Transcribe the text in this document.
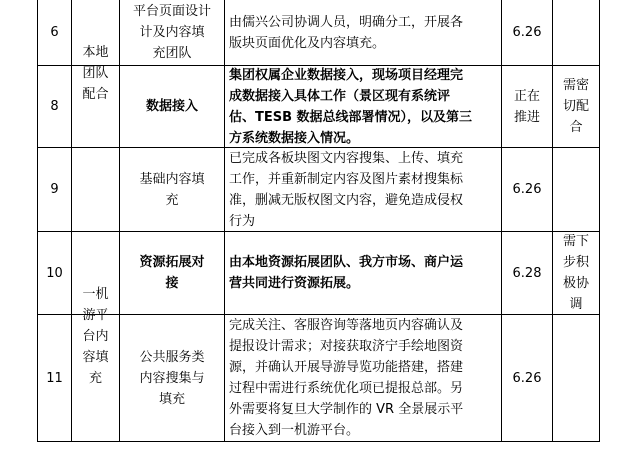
本地
团队
配合
一机
游平
台内
容填
充
6
平台页面设计
计及内容填
充团队
由儒兴公司协调人员，明确分工，开展各
版块页面优化及内容填充。
6.26
8	数据接入
集团权属企业数据接入，现场项目经理完
成数据接入具体工作（景区现有系统评
估、TESB 数据总线部署情况），以及第三
方系统数据接入情况。
正在
推进
需密
切配
合
9
基础内容填
充
已完成各板块图文内容搜集、上传、填充
工作，并重新制定内容及图片素材搜集标
准，删减无版权图文内容，避免造成侵权
行为
6.26
10
资源拓展对
接
由本地资源拓展团队、我方市场、商户运
营共同进行资源拓展。
6.28
需下
步积
极协
调
11
公共服务类
内容搜集与
填充
完成关注、客服咨询等落地页内容确认及
提报设计需求；对接获取济宁手绘地图资
源，并确认开展导游导览功能搭建，搭建
过程中需进行系统优化项已提报总部。另
外需要将复旦大学制作的 VR 全景展示平
台接入到一机游平台。
6.26
